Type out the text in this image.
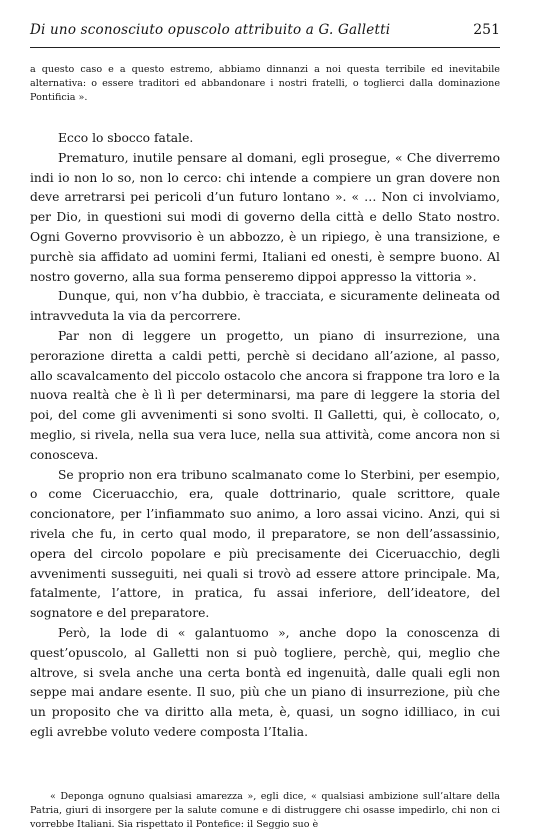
Di uno sconosciuto opuscolo attribuito a G. Galletti	251
a questo caso e a questo estremo, abbiamo dinnanzi a noi questa terribile ed inevitabile alternativa: o essere traditori ed abbandonare i nostri fratelli, o toglierci dalla dominazione Pontificia ».

Ecco lo sbocco fatale.

Prematuro, inutile pensare al domani, egli prosegue, « Che diverremo indi io non lo so, non lo cerco: chi intende a compiere un gran dovere non deve arretrarsi pei pericoli d’un futuro lontano ». « … Non ci involviamo, per Dio, in questioni sui modi di governo della città e dello Stato nostro. Ogni Governo provvisorio è un abbozzo, è un ripiego, è una transizione, e purchè sia affidato ad uomini fermi, Italiani ed onesti, è sempre buono. Al nostro governo, alla sua forma penseremo dippoi appresso la vittoria ».

Dunque, qui, non v’ha dubbio, è tracciata, e sicuramente delineata od intravveduta la via da percorrere.

Par non di leggere un progetto, un piano di insurrezione, una perorazione diretta a caldi petti, perchè si decidano all’azione, al passo, allo scavalcamento del piccolo ostacolo che ancora si frappone tra loro e la nuova realtà che è lì lì per determinarsi, ma pare di leggere la storia del poi, del come gli avvenimenti si sono svolti. Il Galletti, qui, è collocato, o, meglio, si rivela, nella sua vera luce, nella sua attività, come ancora non si conosceva.

Se proprio non era tribuno scalmanato come lo Sterbini, per esempio, o come Ciceruacchio, era, quale dottrinario, quale scrittore, quale concionatore, per l’infiammato suo animo, a loro assai vicino. Anzi, qui si rivela che fu, in certo qual modo, il preparatore, se non dell’assassinio, opera del circolo popolare e più precisamente dei Ciceruacchio, degli avvenimenti susseguiti, nei quali si trovò ad essere attore principale. Ma, fatalmente, l’attore, in pratica, fu assai inferiore, dell’ideatore, del sognatore e del preparatore.

Però, la lode di « galantuomo », anche dopo la conoscenza di quest’opuscolo, al Galletti non si può togliere, perchè, qui, meglio che altrove, si svela anche una certa bontà ed ingenuità, dalle quali egli non seppe mai andare esente. Il suo, più che un piano di insurrezione, più che un proposito che va diritto alla meta, è, quasi, un sogno idilliaco, in cui egli avrebbe voluto vedere composta l’Italia.

« Deponga ognuno qualsiasi amarezza », egli dice, « qualsiasi ambizione sull’altare della Patria, giuri di insorgere per la salute comune e di distruggere chi osasse impedirlo, chi non ci vorrebbe Italiani. Sia rispettato il Pontefice: il Seggio suo è
